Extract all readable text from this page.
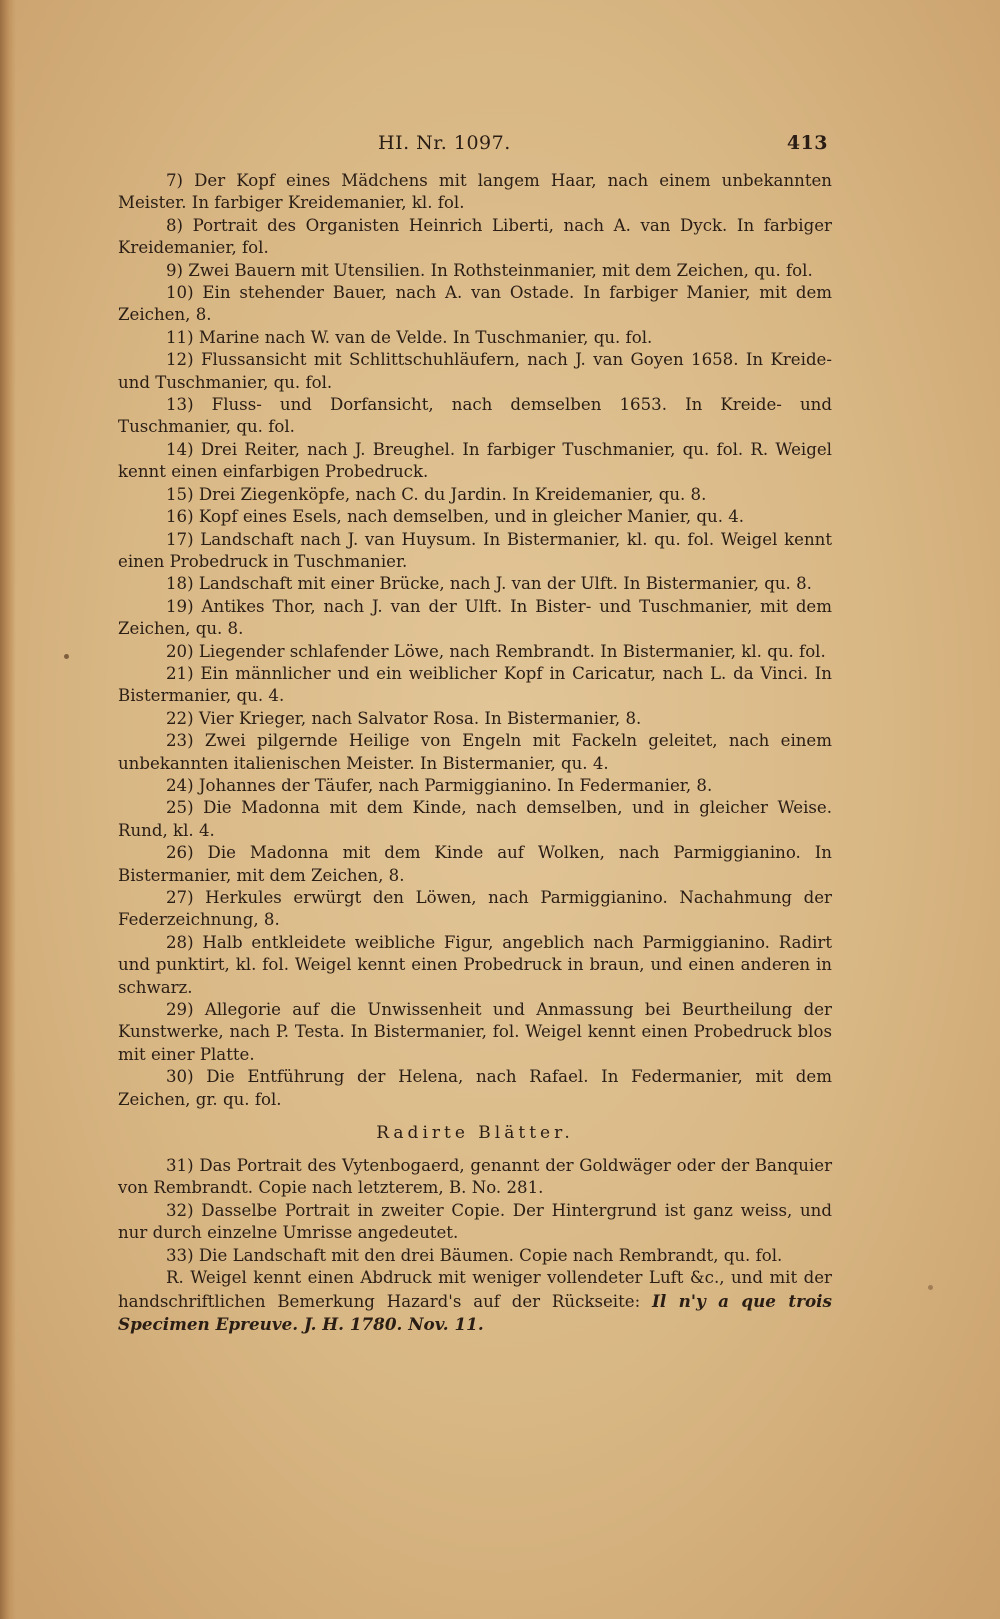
HI. Nr. 1097.	413

7) Der Kopf eines Mädchens mit langem Haar, nach einem unbekannten Meister. In farbiger Kreidemanier, kl. fol.

8) Portrait des Organisten Heinrich Liberti, nach A. van Dyck. In farbiger Kreidemanier, fol.

9) Zwei Bauern mit Utensilien. In Rothsteinmanier, mit dem Zeichen, qu. fol.

10) Ein stehender Bauer, nach A. van Ostade. In farbiger Manier, mit dem Zeichen, 8.

11) Marine nach W. van de Velde. In Tuschmanier, qu. fol.

12) Flussansicht mit Schlittschuhläufern, nach J. van Goyen 1658. In Kreide- und Tuschmanier, qu. fol.

13) Fluss- und Dorfansicht, nach demselben 1653. In Kreide- und Tuschmanier, qu. fol.

14) Drei Reiter, nach J. Breughel. In farbiger Tuschmanier, qu. fol. R. Weigel kennt einen einfarbigen Probedruck.

15) Drei Ziegenköpfe, nach C. du Jardin. In Kreidemanier, qu. 8.

16) Kopf eines Esels, nach demselben, und in gleicher Manier, qu. 4.

17) Landschaft nach J. van Huysum. In Bistermanier, kl. qu. fol. Weigel kennt einen Probedruck in Tuschmanier.

18) Landschaft mit einer Brücke, nach J. van der Ulft. In Bistermanier, qu. 8.

19) Antikes Thor, nach J. van der Ulft. In Bister- und Tuschmanier, mit dem Zeichen, qu. 8.

20) Liegender schlafender Löwe, nach Rembrandt. In Bistermanier, kl. qu. fol.

21) Ein männlicher und ein weiblicher Kopf in Caricatur, nach L. da Vinci. In Bistermanier, qu. 4.

22) Vier Krieger, nach Salvator Rosa. In Bistermanier, 8.

23) Zwei pilgernde Heilige von Engeln mit Fackeln geleitet, nach einem unbekannten italienischen Meister. In Bistermanier, qu. 4.

24) Johannes der Täufer, nach Parmiggianino. In Federmanier, 8.

25) Die Madonna mit dem Kinde, nach demselben, und in gleicher Weise. Rund, kl. 4.

26) Die Madonna mit dem Kinde auf Wolken, nach Parmiggianino. In Bistermanier, mit dem Zeichen, 8.

27) Herkules erwürgt den Löwen, nach Parmiggianino. Nachahmung der Federzeichnung, 8.

28) Halb entkleidete weibliche Figur, angeblich nach Parmiggianino. Radirt und punktirt, kl. fol. Weigel kennt einen Probedruck in braun, und einen anderen in schwarz.

29) Allegorie auf die Unwissenheit und Anmassung bei Beurtheilung der Kunstwerke, nach P. Testa. In Bistermanier, fol. Weigel kennt einen Probedruck blos mit einer Platte.

30) Die Entführung der Helena, nach Rafael. In Federmanier, mit dem Zeichen, gr. qu. fol.

Radirte Blätter.

31) Das Portrait des Vytenbogaerd, genannt der Goldwäger oder der Banquier von Rembrandt. Copie nach letzterem, B. No. 281.

32) Dasselbe Portrait in zweiter Copie. Der Hintergrund ist ganz weiss, und nur durch einzelne Umrisse angedeutet.

33) Die Landschaft mit den drei Bäumen. Copie nach Rembrandt, qu. fol.

R. Weigel kennt einen Abdruck mit weniger vollendeter Luft &c., und mit der handschriftlichen Bemerkung Hazard's auf der Rückseite: Il n'y a que trois Specimen Epreuve. J. H. 1780. Nov. 11.
